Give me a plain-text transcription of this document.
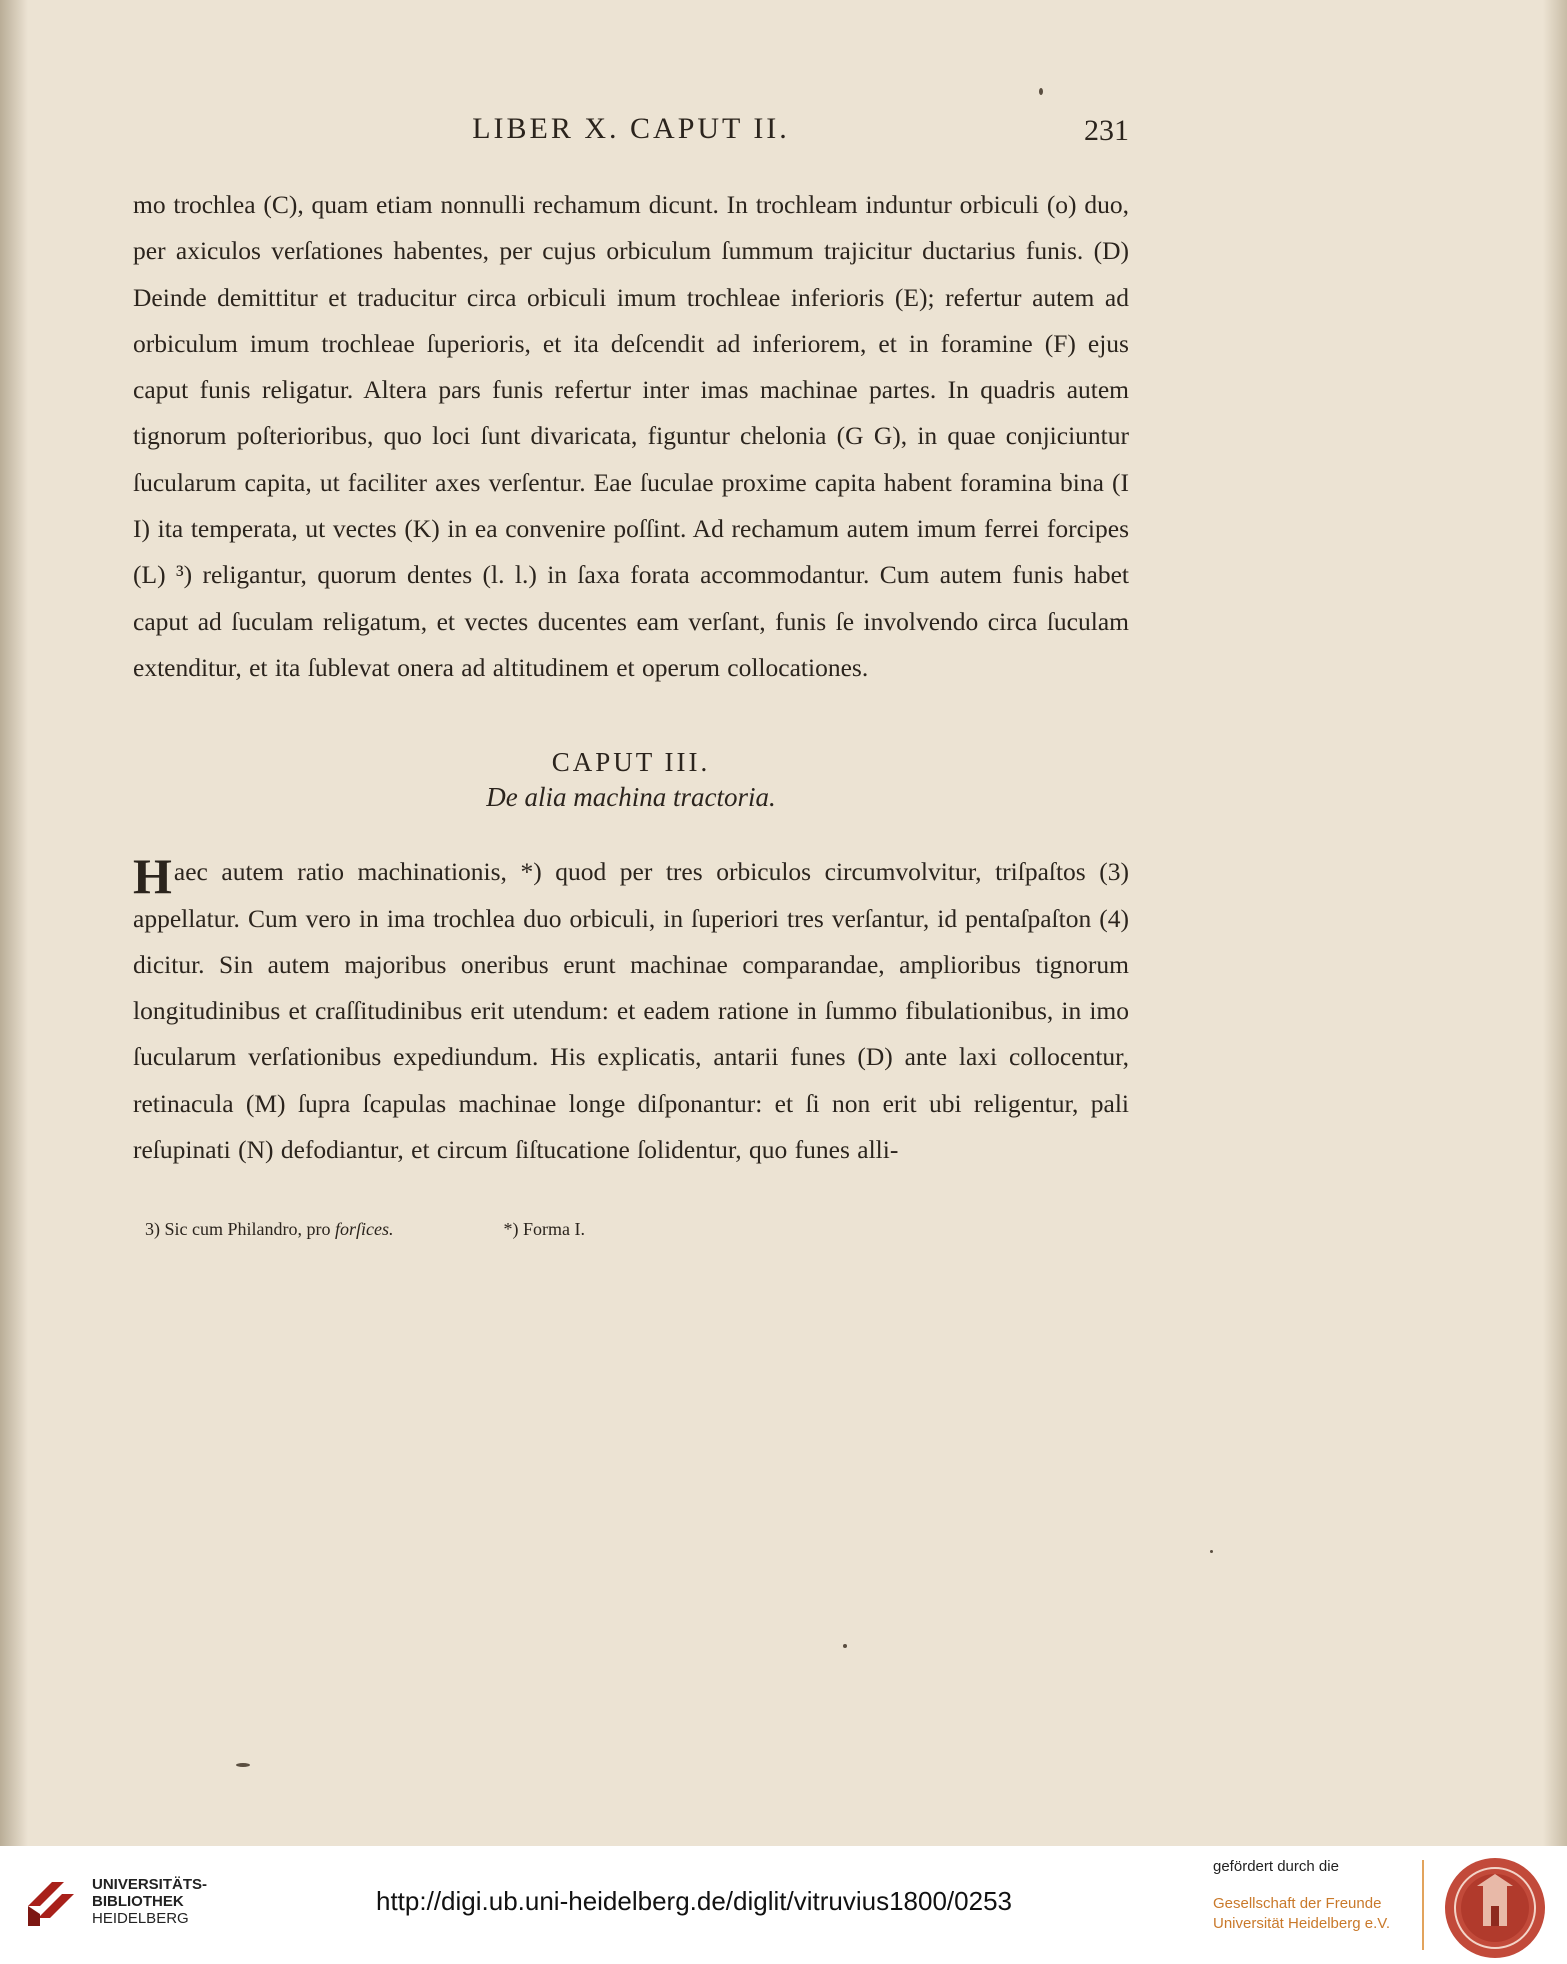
LIBER X. CAPUT II.	231

mo trochlea (C), quam etiam nonnulli rechamum dicunt. In trochleam induntur orbiculi (o) duo, per axiculos verſationes habentes, per cujus orbiculum ſummum trajicitur ductarius funis. (D) Deinde demittitur et traducitur circa orbiculi imum trochleae inferioris (E); refertur autem ad orbiculum imum trochleae ſuperioris, et ita deſcendit ad inferiorem, et in foramine (F) ejus caput funis religatur. Altera pars funis refertur inter imas machinae partes. In quadris autem tignorum poſterioribus, quo loci ſunt divaricata, figuntur chelonia (G G), in quae conjiciuntur ſucularum capita, ut faciliter axes verſentur. Eae ſuculae proxime capita habent foramina bina (I I) ita temperata, ut vectes (K) in ea convenire poſſint. Ad rechamum autem imum ferrei forcipes (L) ³) religantur, quorum dentes (l. l.) in ſaxa forata accommodantur. Cum autem funis habet caput ad ſuculam religatum, et vectes ducentes eam verſant, funis ſe involvendo circa ſuculam extenditur, et ita ſublevat onera ad altitudinem et operum collocationes.

CAPUT III.
De alia machina tractoria.

Haec autem ratio machinationis, *) quod per tres orbiculos circumvolvitur, triſpaſtos (3) appellatur. Cum vero in ima trochlea duo orbiculi, in ſuperiori tres verſantur, id pentaſpaſton (4) dicitur. Sin autem majoribus oneribus erunt machinae comparandae, amplioribus tignorum longitudinibus et craſſitudinibus erit utendum: et eadem ratione in ſummo fibulationibus, in imo ſucularum verſationibus expediundum. His explicatis, antarii funes (D) ante laxi collocentur, retinacula (M) ſupra ſcapulas machinae longe diſponantur: et ſi non erit ubi religentur, pali reſupinati (N) defodiantur, et circum ſiſtucatione ſolidentur, quo funes alli-

3) Sic cum Philandro, pro forſices.	*) Forma I.
UNIVERSITÄTS-
BIBLIOTHEK
HEIDELBERG
http://digi.ub.uni-heidelberg.de/diglit/vitruvius1800/0253
gefördert durch die
Gesellschaft der Freunde
Universität Heidelberg e.V.
